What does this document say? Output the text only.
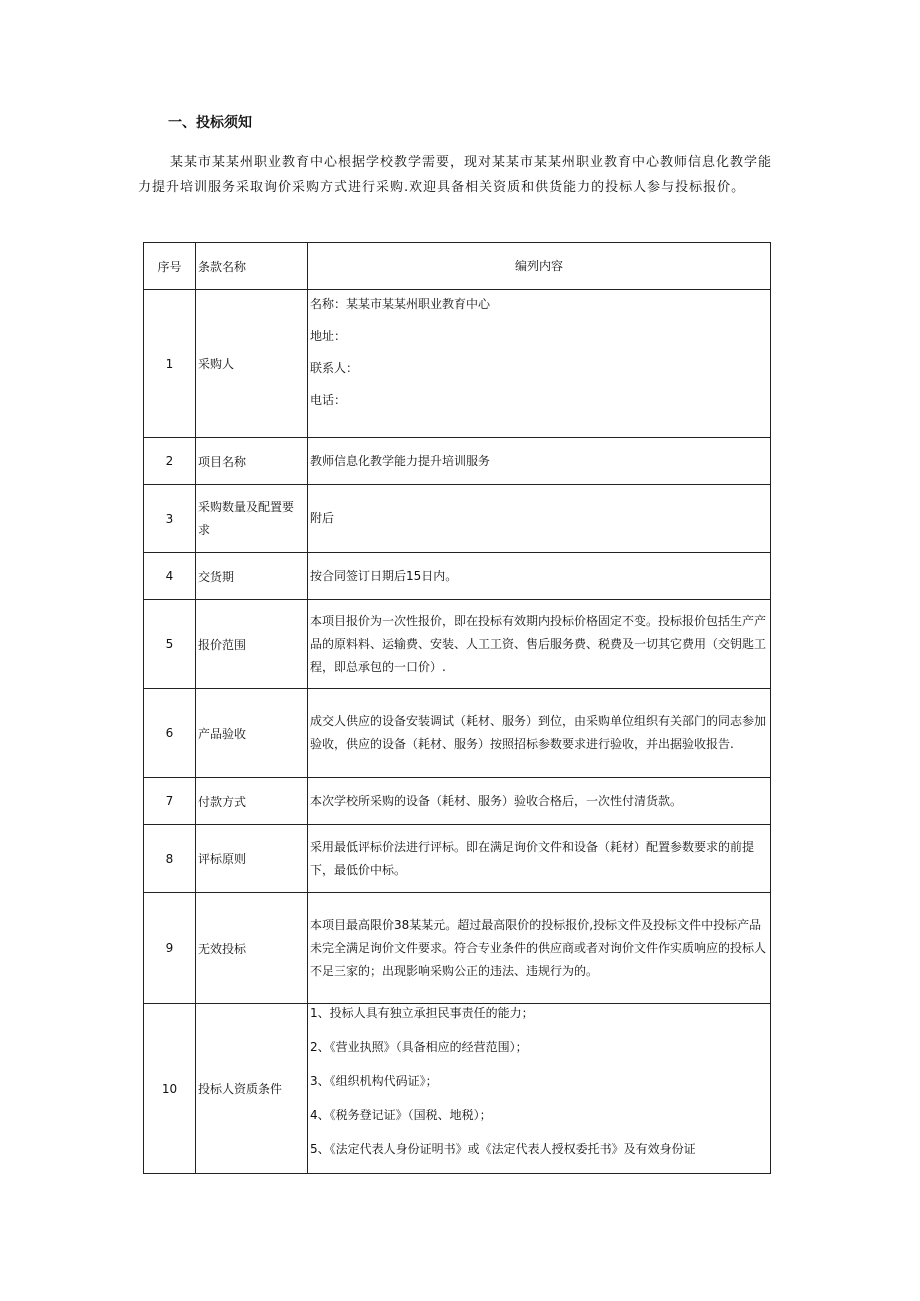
一、投标须知
某某市某某州职业教育中心根据学校教学需要，现对某某市某某州职业教育中心教师信息化教学能力提升培训服务采取询价采购方式进行采购.欢迎具备相关资质和供货能力的投标人参与投标报价。
序号	条款名称	编列内容
1	采购人	名称：某某市某某州职业教育中心
地址：
联系人：
电话：

2	项目名称	教师信息化教学能力提升培训服务
3	采购数量及配置要求	附后
4	交货期	按合同签订日期后15日内。
5	报价范围	本项目报价为一次性报价，即在投标有效期内投标价格固定不变。投标报价包括生产产品的原料料、运输费、安装、人工工资、售后服务费、税费及一切其它费用（交钥匙工程，即总承包的一口价）.
6	产品验收	成交人供应的设备安装调试（耗材、服务）到位，由采购单位组织有关部门的同志参加验收，供应的设备（耗材、服务）按照招标参数要求进行验收，并出据验收报告.
7	付款方式	本次学校所采购的设备（耗材、服务）验收合格后，一次性付清货款。
8	评标原则	采用最低评标价法进行评标。即在满足询价文件和设备（耗材）配置参数要求的前提下，最低价中标。
9	无效投标	本项目最高限价38某某元。超过最高限价的投标报价,投标文件及投标文件中投标产品未完全满足询价文件要求。符合专业条件的供应商或者对询价文件作实质响应的投标人不足三家的；出现影响采购公正的违法、违规行为的。
10	投标人资质条件	1、投标人具有独立承担民事责任的能力；
2、《营业执照》（具备相应的经营范围）；
3、《组织机构代码证》；
4、《税务登记证》（国税、地税）；
5、《法定代表人身份证明书》或《法定代表人授权委托书》及有效身份证
